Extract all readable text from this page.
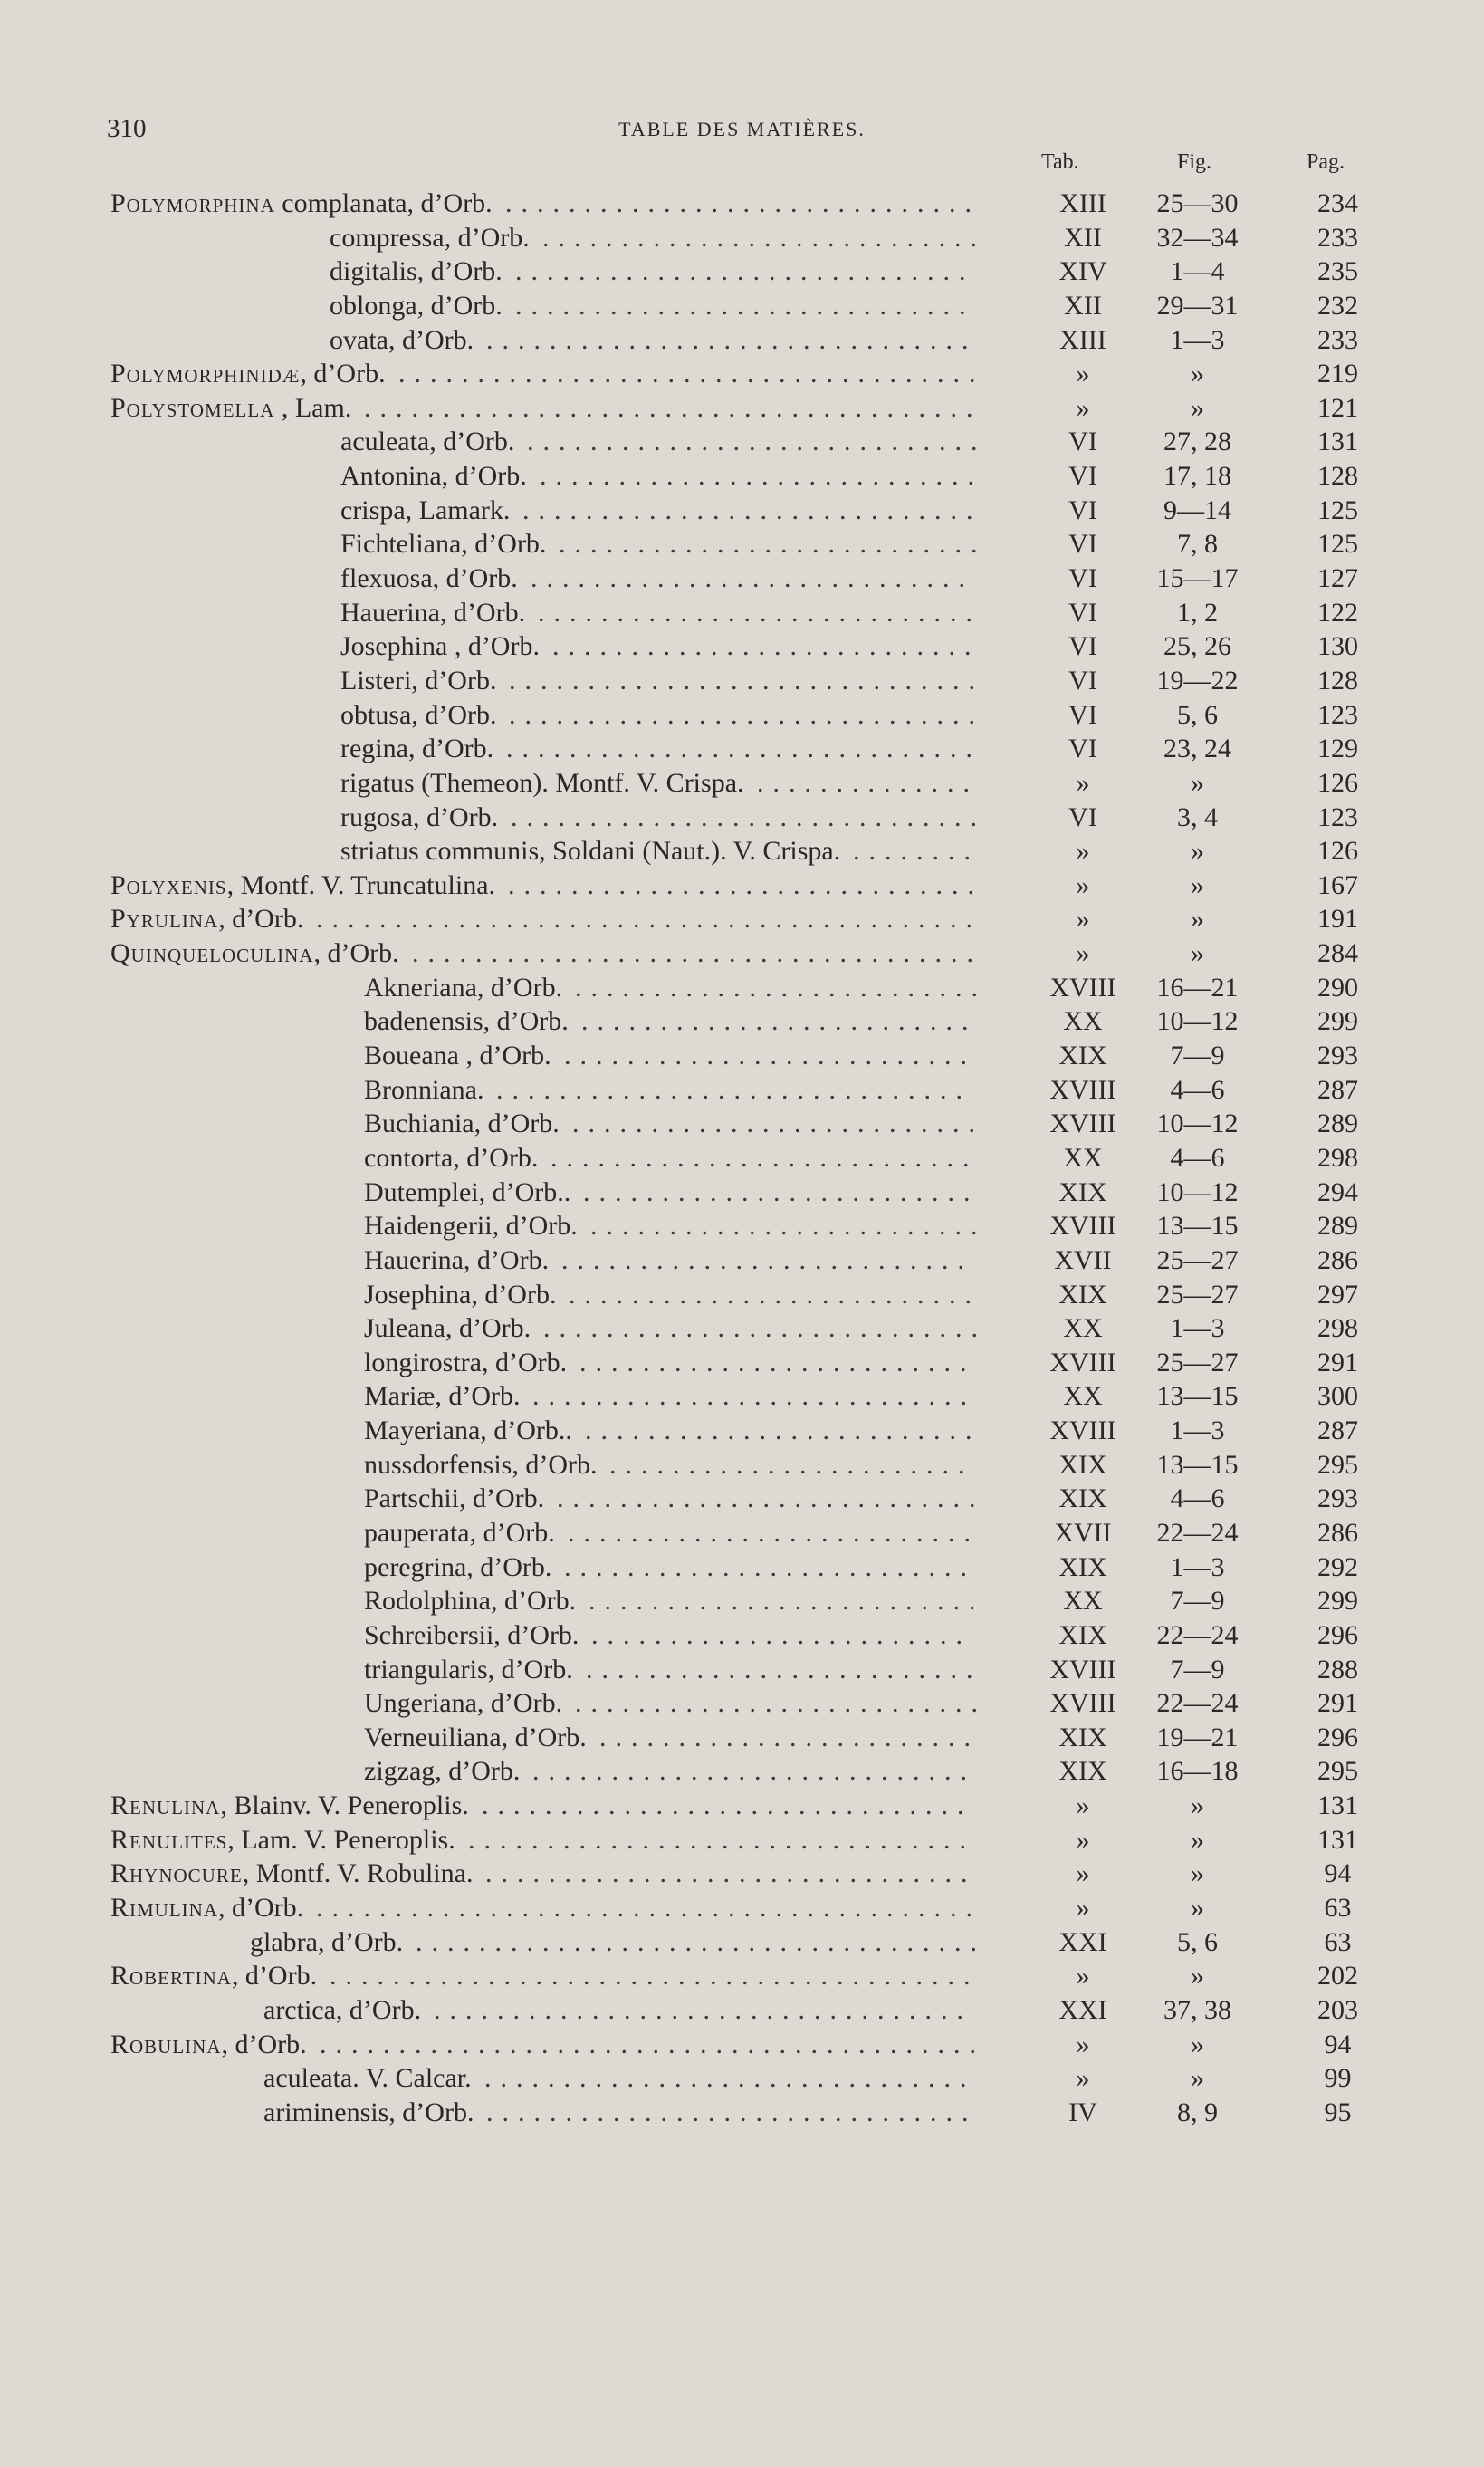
310	TABLE DES MATIÈRES.
Tab.	Fig.	Pag.
Polymorphina complanata, d’Orb. ..............................	XIII	25—30	234
compressa, d’Orb. ............................	XII	32—34	233
digitalis, d’Orb. .............................	XIV	1—4	235
oblonga, d’Orb. .............................	XII	29—31	232
ovata, d’Orb. ...............................	XIII	1—3	233
Polymorphinidæ, d’Orb. .....................................	»	»	219
Polystomella , Lam. .......................................	»	»	121
aculeata, d’Orb. .............................	VI	27, 28	131
Antonina, d’Orb. ............................	VI	17, 18	128
crispa, Lamark. .............................	VI	9—14	125
Fichteliana, d’Orb. ...........................	VI	7, 8	125
flexuosa, d’Orb. ............................	VI	15—17	127
Hauerina, d’Orb. ............................	VI	1, 2	122
Josephina , d’Orb. ...........................	VI	25, 26	130
Listeri, d’Orb. ..............................	VI	19—22	128
obtusa, d’Orb. ..............................	VI	5, 6	123
regina, d’Orb. ..............................	VI	23, 24	129
rigatus (Themeon). Montf. V. Crispa. ..............	»	»	126
rugosa, d’Orb. ..............................	VI	3, 4	123
striatus communis, Soldani (Naut.). V. Crispa. ........	»	»	126
Polyxenis, Montf. V. Truncatulina. ..............................	»	»	167
Pyrulina, d’Orb. ..........................................	»	»	191
Quinqueloculina, d’Orb. ....................................	»	»	284
Akneriana, d’Orb. ..........................	XVIII	16—21	290
badenensis, d’Orb. .........................	XX	10—12	299
Boueana , d’Orb. ..........................	XIX	7—9	293
Bronniana. ..............................	XVIII	4—6	287
Buchiania, d’Orb. ..........................	XVIII	10—12	289
contorta, d’Orb. ...........................	XX	4—6	298
Dutemplei, d’Orb.. .........................	XIX	10—12	294
Haidengerii, d’Orb. .........................	XVIII	13—15	289
Hauerina, d’Orb. ..........................	XVII	25—27	286
Josephina, d’Orb. ..........................	XIX	25—27	297
Juleana, d’Orb. ............................	XX	1—3	298
longirostra, d’Orb. .........................	XVIII	25—27	291
Mariæ, d’Orb. ............................	XX	13—15	300
Mayeriana, d’Orb.. .........................	XVIII	1—3	287
nussdorfensis, d’Orb. .......................	XIX	13—15	295
Partschii, d’Orb. ...........................	XIX	4—6	293
pauperata, d’Orb. ..........................	XVII	22—24	286
peregrina, d’Orb. ..........................	XIX	1—3	292
Rodolphina, d’Orb. .........................	XX	7—9	299
Schreibersii, d’Orb. ........................	XIX	22—24	296
triangularis, d’Orb. .........................	XVIII	7—9	288
Ungeriana, d’Orb. ..........................	XVIII	22—24	291
Verneuiliana, d’Orb. ........................	XIX	19—21	296
zigzag, d’Orb. ............................	XIX	16—18	295
Renulina, Blainv. V. Peneroplis. ...............................	»	»	131
Renulites, Lam. V. Peneroplis. ................................	»	»	131
Rhynocure, Montf. V. Robulina. ...............................	»	»	94
Rimulina, d’Orb. ..........................................	»	»	63
glabra, d’Orb. ....................................	XXI	5, 6	63
Robertina, d’Orb. .........................................	»	»	202
arctica, d’Orb. ..................................	XXI	37, 38	203
Robulina, d’Orb. ..........................................	»	»	94
aculeata. V. Calcar. ...............................	»	»	99
ariminensis, d’Orb. ...............................	IV	8, 9	95
